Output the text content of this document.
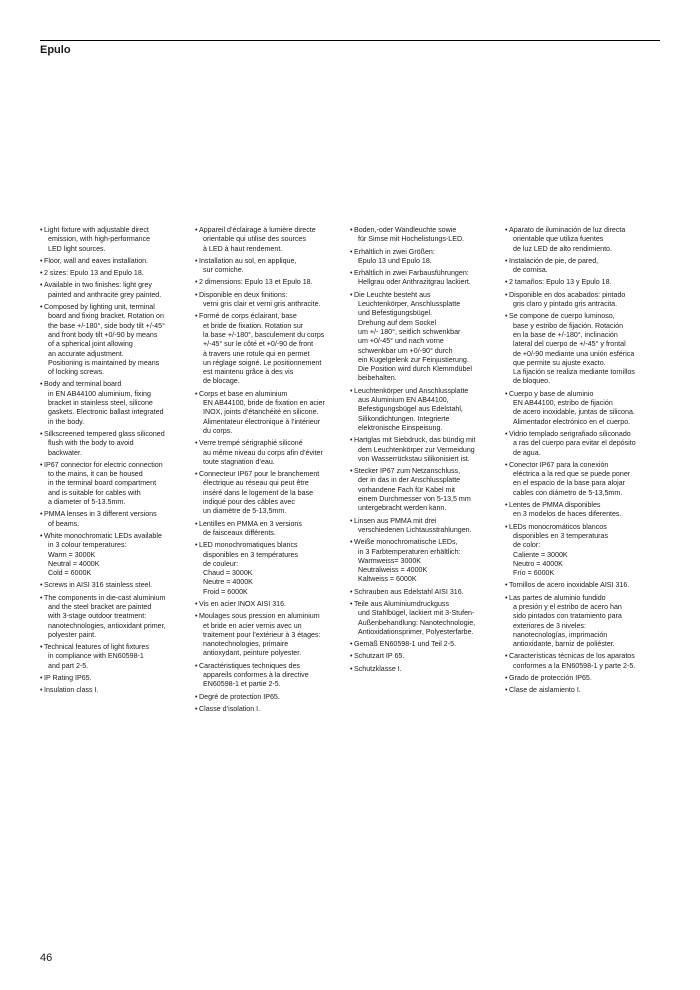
Epulo
• Light fixture with adjustable direct
emission, with high-performance
LED light sources.
• Floor, wall and eaves installation.
• 2 sizes: Epulo 13 and Epulo 18.
• Available in two finishes: light grey
painted and anthracite grey painted.
• Composed by lighting unit, terminal
board and fixing bracket. Rotation on
the base +/-180°, side body tilt +/-45°
and front body tilt +0/-90 by means
of a spherical joint allowing
an accurate adjustment.
Positioning is maintained by means
of locking screws.
• Body and terminal board
in EN AB44100 aluminium, fixing
bracket in stainless steel, silicone
gaskets. Electronic ballast integrated
in the body.
• Silkscreened tempered glass siliconed
flush with the body to avoid
backwater.
• IP67 connector for electric connection
to the mains, it can be housed
in the terminal board compartment
and is suitable for cables with
a diameter of 5-13.5mm.
• PMMA lenses in 3 different versions
of beams.
• White monochromatic LEDs available
in 3 colour temperatures:
Warm = 3000K
Neutral = 4000K
Cold = 6000K
• Screws in AISI 316 stainless steel.
• The components in die-cast aluminium
and the steel bracket are painted
with 3-stage outdoor treatment:
nanotechnologies, antioxidant primer,
polyester paint.
• Technical features of light fixtures
in compliance with EN60598-1
and part 2-5.
• IP Rating IP65.
• Insulation class I.
• Appareil d’éclairage à lumière directe
orientable qui utilise des sources
à LED à haut rendement.
• Installation au sol, en applique,
sur corniche.
• 2 dimensions: Epulo 13 et Epulo 18.
• Disponible en deux finitions:
verni gris clair et verni gris anthracite.
• Formé de corps éclairant, base
et bride de fixation. Rotation sur
la base +/-180°, basculement du corps
+/-45° sur le côté et +0/-90 de front
à travers une rotule qui en permet
un réglage soigné. Le positionnement
est maintenu grâce à des vis
de blocage.
• Corps et base en aluminium
EN AB44100, bride de fixation en acier
INOX, joints d’étanchéité en silicone.
Alimentateur électronique à l’intérieur
du corps.
• Verre trempé sérigraphié siliconé
au même niveau du corps afin d’éviter
toute stagnation d’eau.
• Connecteur IP67 pour le branchement
électrique au réseau qui peut être
inséré dans le logement de la base
indiqué pour des câbles avec
un diamètre de 5-13,5mm.
• Lentilles en PMMA en 3 versions
de faisceaux différents.
• LED monochromatiques blancs
disponibles en 3 températures
de couleur:
Chaud = 3000K
Neutre = 4000K
Froid = 6000K
• Vis en acier INOX AISI 316.
• Moulages sous pression en aluminium
et bride en acier vernis avec un
traitement pour l’extérieur à 3 étages:
nanotechnologies, primaire
antioxydant, peinture polyester.
• Caractéristiques techniques des
appareils conformes à la directive
EN60598-1 et partie 2-5.
• Degré de protection IP65.
• Classe d’isolation I.
• Boden,-oder Wandleuchte sowie
für Simse mit Hochelistungs-LED.
• Erhältlich in zwei Größen:
Epulo 13 und Epulo 18.
• Erhältlich in zwei Farbausführungen:
Hellgrau oder Anthrazitgrau lackiert.
• Die Leuchte besteht aus
Leuchtenkörper, Anschlussplatte
und Befestigungsbügel.
Drehung auf dem Sockel
um +/- 180°, seitlich schwenkbar
um +0/-45° und nach vorne
schwenkbar um +0/-90° durch
ein Kugelgelenk zur Feinjustierung.
Die Position wird durch Klemmdübel
beibehalten.
• Leuchtenkörper und Anschlussplatte
aus Aluminium EN AB44100,
Befestigungsbügel aus Edelstahl,
Silikondichtungen. Integrierte
elektronische Einspeisung.
• Hartglas mit Siebdruck, das bündig mit
dem Leuchtenkörper zur Vermeidung
von Wasserrückstau silikonisiert ist.
• Stecker IP67 zum Netzanschluss,
der in das in der Anschlussplatte
vorhandene Fach für Kabel mit
einem Durchmesser von 5-13,5 mm
untergebracht werden kann.
• Linsen aus PMMA mit drei
verschiedenen Lichtausstrahlungen.
• Weiße monochromatische LEDs,
in 3 Farbtemperaturen erhältlich:
Warmweiss= 3000K
Neutralweiss = 4000K
Kaltweiss = 6000K
• Schrauben aus Edelstahl AISI 316.
• Teile aus Aluminiumdruckguss
und Stahlbügel, lackiert mit 3-Stufen-
Außenbehandlung: Nanotechnologie,
Antioxidationsprimer, Polyesterfarbe.
• Gemäß EN60598-1 und Teil 2-5.
• Schutzart IP 65.
• Schutzklasse I.
• Aparato de iluminación de luz directa
orientable que utiliza fuentes
de luz LED de alto rendimiento.
• Instalación de pie, de pared,
de cornisa.
• 2 tamaños: Epulo 13 y Epulo 18.
• Disponible en dos acabados: pintado
gris claro y pintado gris antracita.
• Se compone de cuerpo luminoso,
base y estribo de fijación. Rotación
en la base de +/-180°, inclinación
lateral del cuerpo de +/-45° y frontal
de +0/-90 mediante una unión esférica
que permite su ajuste exacto.
La fijación se realiza mediante tornillos
de bloqueo.
• Cuerpo y base de aluminio
EN AB44100, estribo de fijación
de acero inoxidable, juntas de silicona.
Alimentador electrónico en el cuerpo.
• Vidrio templado serigrafiado siliconado
a ras del cuerpo para evitar el depósito
de agua.
• Conector IP67 para la conexión
eléctrica a la red que se puede poner
en el espacio de la base para alojar
cables con diámetro de 5-13,5mm.
• Lentes de PMMA disponibles
en 3 modelos de haces diferentes.
• LEDs monocromáticos blancos
disponibles en 3 temperaturas
de color:
Caliente = 3000K
Neutro = 4000K
Frío = 6000K
• Tornillos de acero inoxidable AISI 316.
• Las partes de aluminio fundido
a presión y el estribo de acero han
sido pintados con tratamiento para
exteriores de 3 niveles:
nanotecnologías, imprimación
antioxidante, barniz de poliéster.
• Características técnicas de los aparatos
conformes a la EN60598-1 y parte 2-5.
• Grado de protección IP65.
• Clase de aislamiento I.
46
